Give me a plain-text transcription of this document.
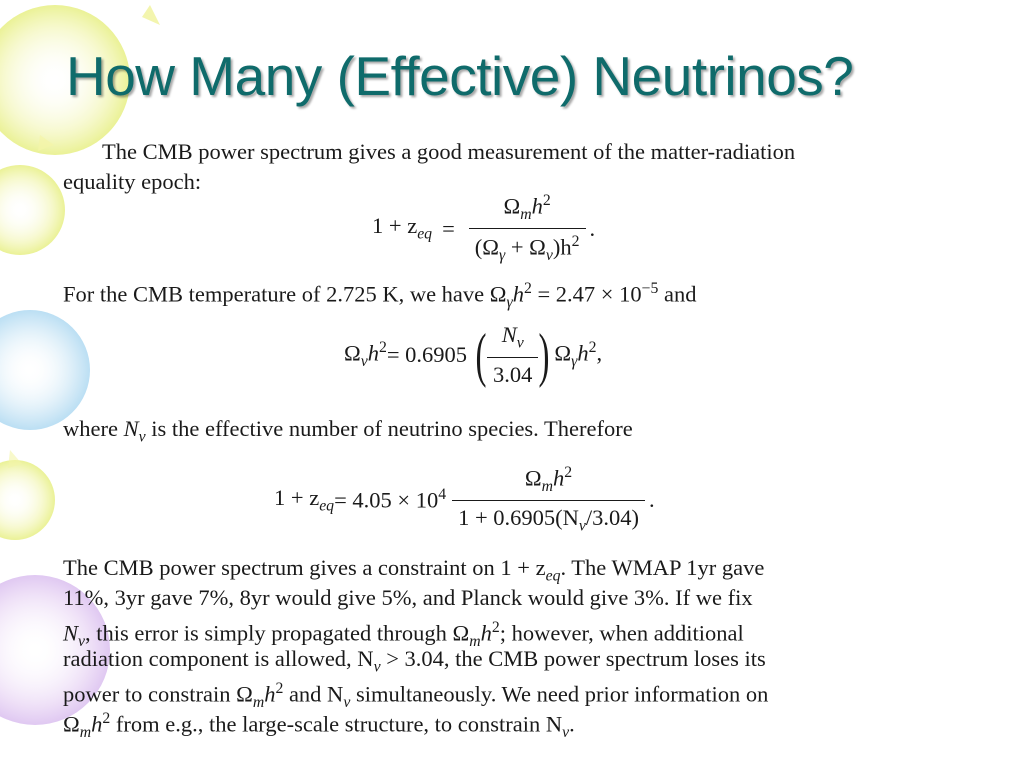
How Many (Effective) Neutrinos?
The CMB power spectrum gives a good measurement of the matter-radiation
equality epoch:
$1 + z_{eq} = \frac{\Omega_mh^2}{(\Omega_\gamma + \Omega_\nu)h^2}$ .
For the CMB temperature of 2.725 K, we have $\Omega_\gamma h^2 = 2.47 \times 10^{-5}$ and
$\Omega_\nu h^2 = 0.6905$ ( $\frac{N_\nu}{3.04}$ ) $\Omega_\gamma h^2$,
where $N_\nu$ is the effective number of neutrino species. Therefore
$1 + z_{eq} = 4.05 \times 10^4 \frac{\Omega_mh^2}{1 + 0.6905(N_\nu/3.04)}$ .
The CMB power spectrum gives a constraint on $1 + z_{eq}$. The WMAP 1yr gave
11%, 3yr gave 7%, 8yr would give 5%, and Planck would give 3%. If we fix
$N_\nu$, this error is simply propagated through $\Omega_mh^2$; however, when additional
radiation component is allowed, $N_\nu > 3.04$, the CMB power spectrum loses its
power to constrain $\Omega_mh^2$ and $N_\nu$ simultaneously. We need prior information on
$\Omega_mh^2$ from e.g., the large-scale structure, to constrain $N_\nu$.
